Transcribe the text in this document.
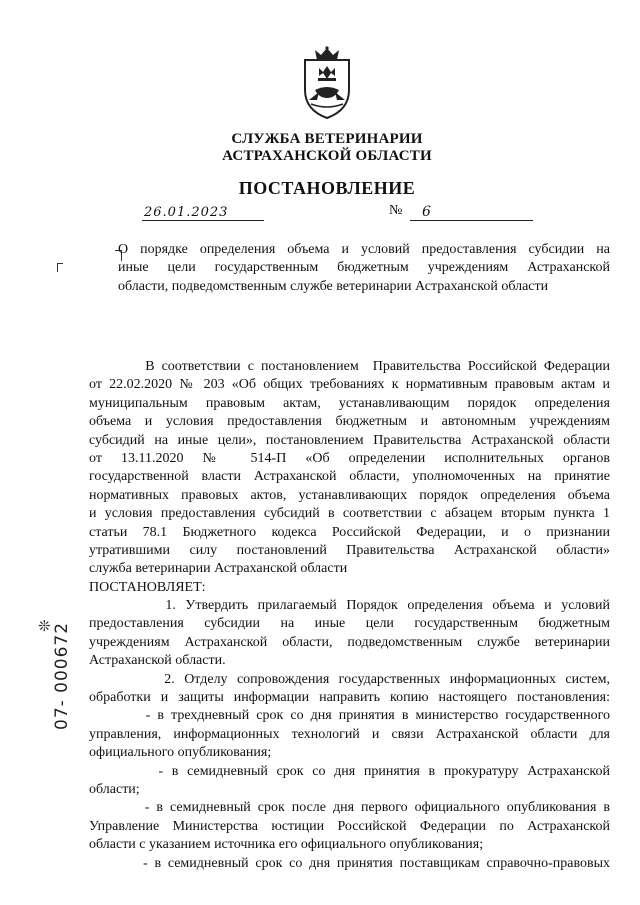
СЛУЖБА ВЕТЕРИНАРИИ
АСТРАХАНСКОЙ ОБЛАСТИ
ПОСТАНОВЛЕНИЕ
26.01.2023	№	6
О порядке определения объема и условий предоставления субсидии на
иные цели государственным бюджетным учреждениям Астраханской
области, подведомственным службе ветеринарии Астраханской области
В соответствии с постановлением  Правительства Российской Федерации
от 22.02.2020 № 203 «Об общих требованиях к нормативным правовым актам и
муниципальным правовым актам, устанавливающим порядок определения
объема и условия предоставления бюджетным и автономным учреждениям
субсидий на иные цели», постановлением Правительства Астраханской области
от 13.11.2020 № 514-П «Об определении исполнительных органов
государственной власти Астраханской области, уполномоченных на принятие
нормативных правовых актов, устанавливающих порядок определения объема
и условия предоставления субсидий в соответствии с абзацем вторым пункта 1
статьи 78.1 Бюджетного кодекса Российской Федерации, и о признании
утратившими силу постановлений Правительства Астраханской области»
служба ветеринарии Астраханской области
ПОСТАНОВЛЯЕТ:
1. Утвердить прилагаемый Порядок определения объема и условий
предоставления субсидии на иные цели государственным бюджетным
учреждениям Астраханской области, подведомственным службе ветеринарии
Астраханской области.
2. Отделу сопровождения государственных информационных систем,
обработки и защиты информации направить копию настоящего постановления:
- в трехдневный срок со дня принятия в министерство государственного
управления, информационных технологий и связи Астраханской области для
официального опубликования;
- в семидневный срок со дня принятия в прокуратуру Астраханской
области;
- в семидневный срок после дня первого официального опубликования в
Управление Министерства юстиции Российской Федерации по Астраханской
области с указанием источника его официального опубликования;
- в семидневный срок со дня принятия поставщикам справочно-правовых
❊ 07- 000672
